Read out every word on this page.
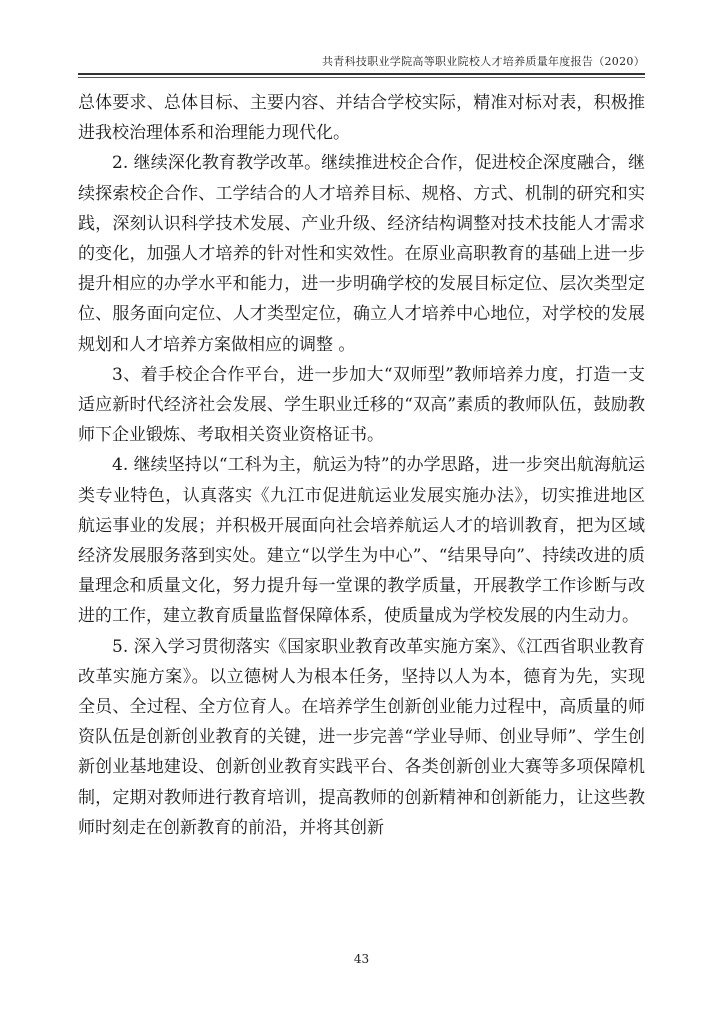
共青科技职业学院高等职业院校人才培养质量年度报告（2020）

总体要求、总体目标、主要内容、并结合学校实际，精准对标对表，积极推进我校治理体系和治理能力现代化。

2. 继续深化教育教学改革。继续推进校企合作，促进校企深度融合，继续探索校企合作、工学结合的人才培养目标、规格、方式、机制的研究和实践，深刻认识科学技术发展、产业升级、经济结构调整对技术技能人才需求的变化，加强人才培养的针对性和实效性。在原业高职教育的基础上进一步提升相应的办学水平和能力，进一步明确学校的发展目标定位、层次类型定位、服务面向定位、人才类型定位，确立人才培养中心地位，对学校的发展规划和人才培养方案做相应的调整 。

3、着手校企合作平台，进一步加大“双师型”教师培养力度，打造一支适应新时代经济社会发展、学生职业迁移的“双高”素质的教师队伍，鼓励教师下企业锻炼、考取相关资业资格证书。

4. 继续坚持以“工科为主，航运为特”的办学思路，进一步突出航海航运类专业特色，认真落实《九江市促进航运业发展实施办法》，切实推进地区航运事业的发展；并积极开展面向社会培养航运人才的培训教育，把为区域经济发展服务落到实处。建立“以学生为中心”、“结果导向”、持续改进的质量理念和质量文化，努力提升每一堂课的教学质量，开展教学工作诊断与改进的工作，建立教育质量监督保障体系，使质量成为学校发展的内生动力。

5. 深入学习贯彻落实《国家职业教育改革实施方案》、《江西省职业教育改革实施方案》。以立德树人为根本任务，坚持以人为本，德育为先，实现全员、全过程、全方位育人。在培养学生创新创业能力过程中，高质量的师资队伍是创新创业教育的关键，进一步完善“学业导师、创业导师”、学生创新创业基地建设、创新创业教育实践平台、各类创新创业大赛等多项保障机制，定期对教师进行教育培训，提高教师的创新精神和创新能力，让这些教师时刻走在创新教育的前沿，并将其创新

43
